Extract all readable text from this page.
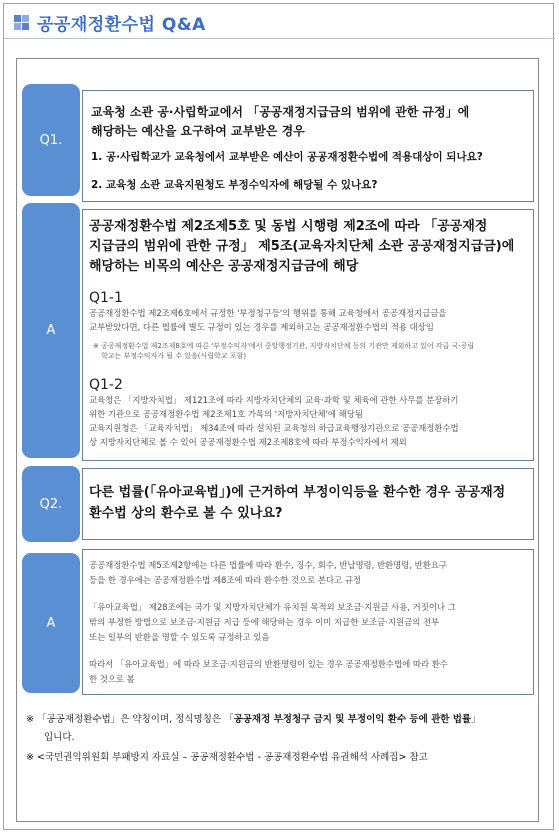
공공재정환수법 Q&A
Q1.
교육청 소관 공·사립학교에서 「공공재정지급금의 범위에 관한 규정」에
해당하는 예산을 요구하여 교부받은 경우
1. 공·사립학교가 교육청에서 교부받은 예산이 공공재정환수법에 적용대상이 되나요?
2. 교육청 소관 교육지원청도 부정수익자에 해당될 수 있나요?
A
공공재정환수법 제2조제5호 및 동법 시행령 제2조에 따라 「공공재정
지급금의 범위에 관한 규정」 제5조(교육자치단체 소관 공공재정지급금)에
해당하는 비목의 예산은 공공재정지급금에 해당
Q1-1
공공재정환수법 제2조제6호에서 규정한 '부정청구등'의 행위를 통해 교육청에서 공공재정지급금을
교부받았다면, 다른 법률에 별도 규정이 있는 경우를 제외하고는 공공재정환수법의 적용 대상임
※ 공공재정환수법 제2조제8호에 따른 '부정수익자'에서 중앙행정기관, 지방자치단체 등의 기관만 제외하고 있어 각급 국·공립
학교는 부정수익자가 될 수 있음(사립학교 포함)
Q1-2
교육청은 「지방자치법」 제121조에 따라 지방자치단체의 교육·과학 및 체육에 관한 사무를 분장하기
위한 기관으로 공공재정환수법 제2조제1호 가목의 '지방자치단체'에 해당됨
교육지원청은 「교육자치법」 제34조에 따라 설치된 교육청의 하급교육행정기관으로 공공재정환수법
상 지방자치단체로 볼 수 있어 공공재정환수법 제2조제8호에 따라 부정수익자에서 제외
Q2.
다른 법률(「유아교육법」)에 근거하여 부정이익등을 환수한 경우 공공재정
환수법 상의 환수로 볼 수 있나요?
A
공공재정환수법 제5조제2항에는 다른 법률에 따라 환수, 징수, 회수, 반납명령, 반환명령, 반환요구
등을 한 경우에는 공공재정환수법 제8조에 따라 환수한 것으로 본다고 규정
「유아교육법」 제28조에는 국가 및 지방자치단체가 유치원 목적외 보조금·지원금 사용, 거짓이나 그
밖의 부정한 방법으로 보조금·지원금 지급 등에 해당하는 경우 이미 지급한 보조금·지원금의 전부
또는 일부의 반환을 명할 수 있도록 규정하고 있음
따라서 「유아교육법」에 따라 보조금·지원금의 반환명령이 있는 경우 공공재정환수법에 따라 환수
한 것으로 봄
※ 「공공재정환수법」은 약칭이며, 정식명칭은 「공공재정 부정청구 금지 및 부정이익 환수 등에 관한 법률」
입니다.
※ <국민권익위원회 부패방지 자료실 – 공공재정환수법 - 공공재정환수법 유권해석 사례집> 참고
